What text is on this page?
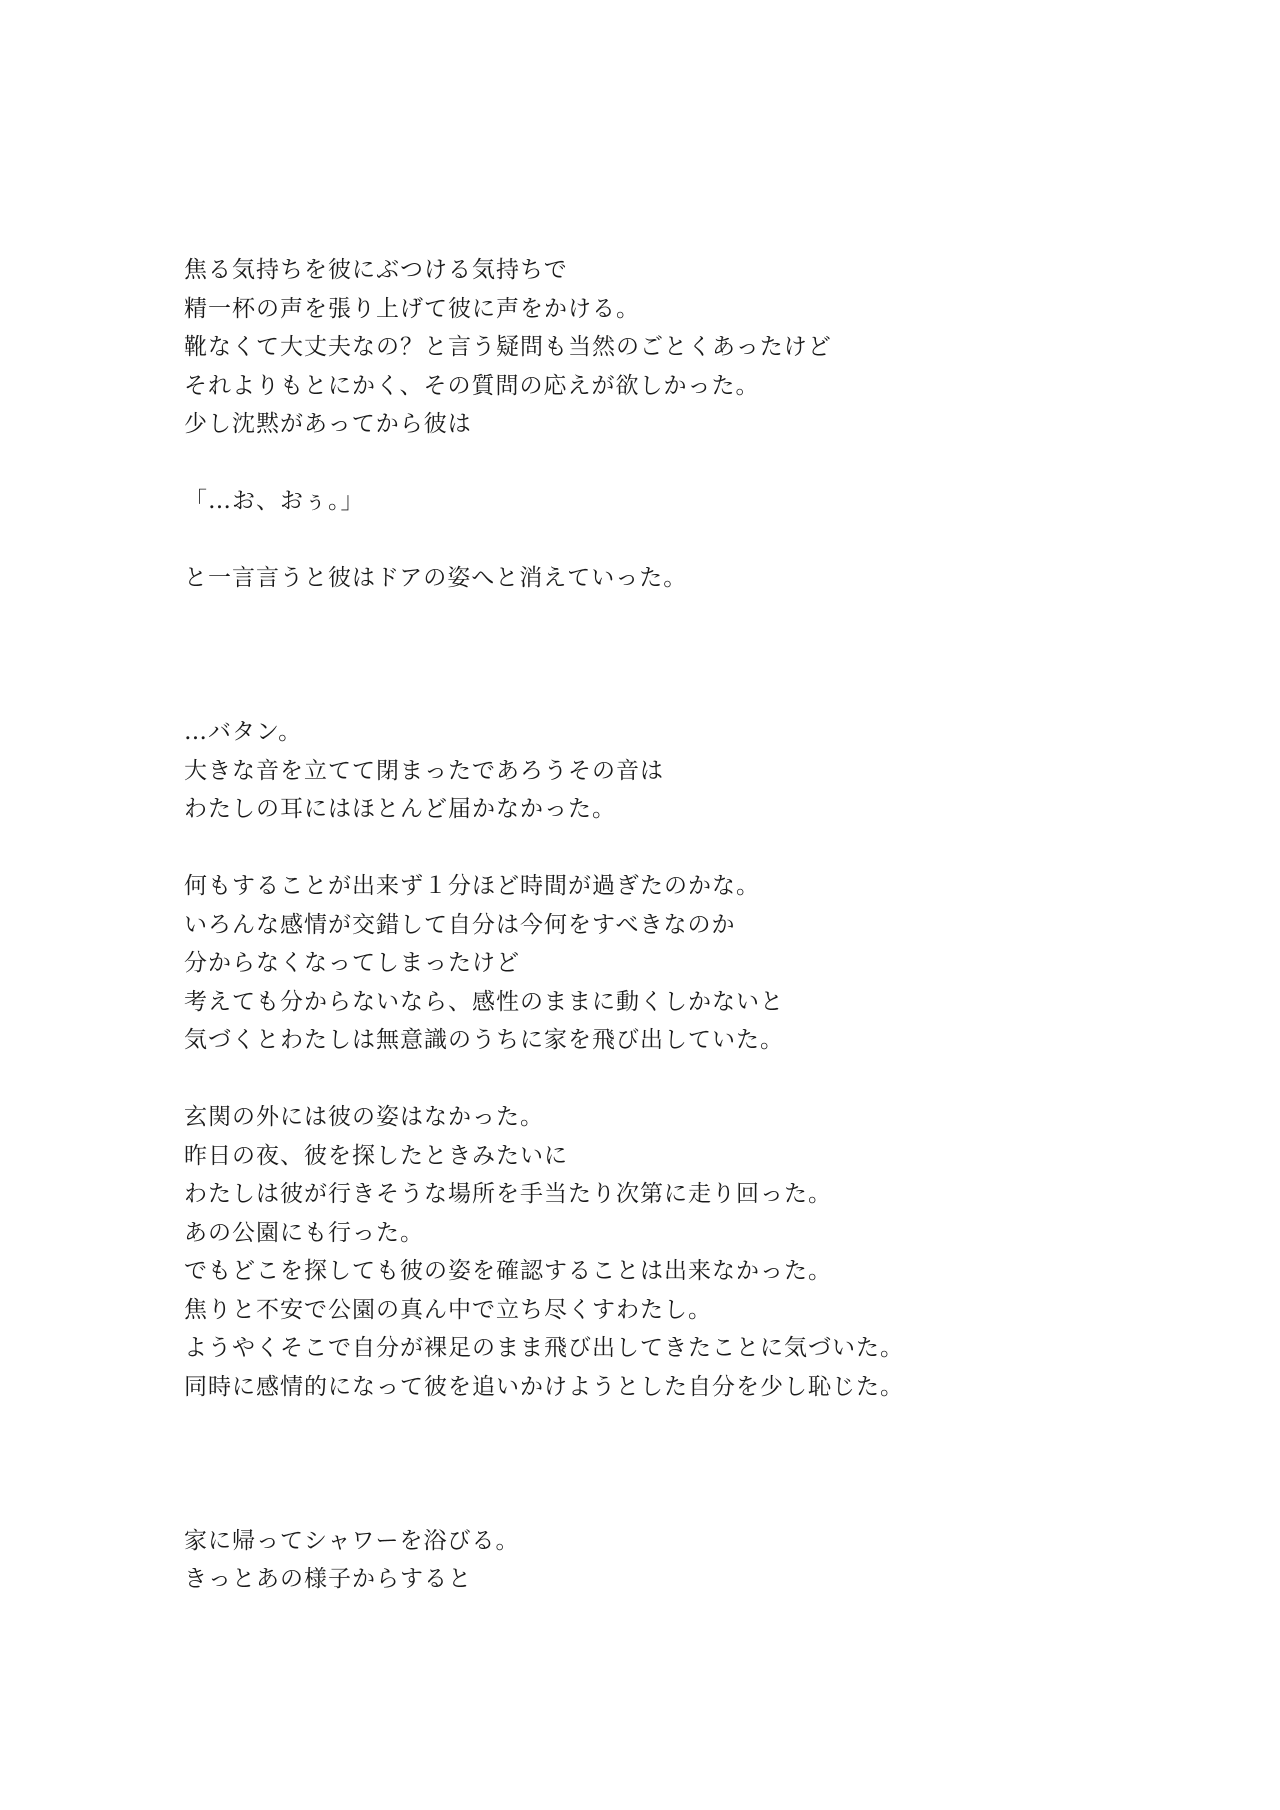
焦る気持ちを彼にぶつける気持ちで
精一杯の声を張り上げて彼に声をかける。
靴なくて大丈夫なの？と言う疑問も当然のごとくあったけど
それよりもとにかく、その質問の応えが欲しかった。
少し沈黙があってから彼は
「…お、おぅ。」
と一言言うと彼はドアの姿へと消えていった。
…バタン。
大きな音を立てて閉まったであろうその音は
わたしの耳にはほとんど届かなかった。
何もすることが出来ず１分ほど時間が過ぎたのかな。
いろんな感情が交錯して自分は今何をすべきなのか
分からなくなってしまったけど
考えても分からないなら、感性のままに動くしかないと
気づくとわたしは無意識のうちに家を飛び出していた。
玄関の外には彼の姿はなかった。
昨日の夜、彼を探したときみたいに
わたしは彼が行きそうな場所を手当たり次第に走り回った。
あの公園にも行った。
でもどこを探しても彼の姿を確認することは出来なかった。
焦りと不安で公園の真ん中で立ち尽くすわたし。
ようやくそこで自分が裸足のまま飛び出してきたことに気づいた。
同時に感情的になって彼を追いかけようとした自分を少し恥じた。
家に帰ってシャワーを浴びる。
きっとあの様子からすると
